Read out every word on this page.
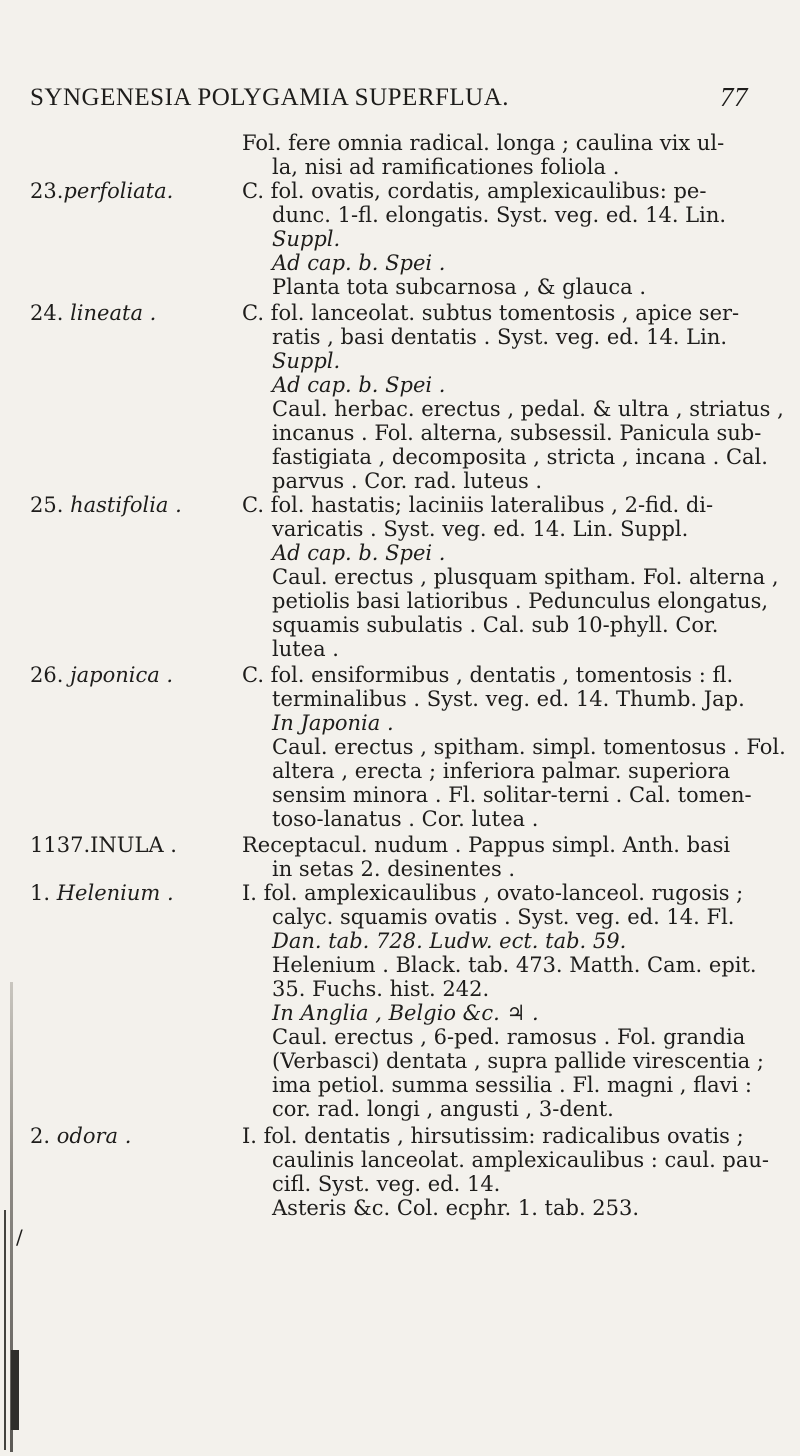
SYNGENESIA POLYGAMIA SUPERFLUA.	77
Fol. fere omnia radical. longa ; caulina vix ul-
la, nisi ad ramificationes foliola .
23.perfoliata.	C. fol. ovatis, cordatis, amplexicaulibus: pe-
dunc. 1-fl. elongatis. Syst. veg. ed. 14. Lin.
Suppl.
Ad cap. b. Spei .
Planta tota subcarnosa , & glauca .
24. lineata .	C. fol. lanceolat. subtus tomentosis , apice ser-
ratis , basi dentatis . Syst. veg. ed. 14. Lin.
Suppl.
Ad cap. b. Spei .
Caul. herbac. erectus , pedal. & ultra , striatus ,
incanus . Fol. alterna, subsessil. Panicula sub-
fastigiata , decomposita , stricta , incana . Cal.
parvus . Cor. rad. luteus .
25. hastifolia .	C. fol. hastatis; laciniis lateralibus , 2-fid. di-
varicatis . Syst. veg. ed. 14. Lin. Suppl.
Ad cap. b. Spei .
Caul. erectus , plusquam spitham. Fol. alterna ,
petiolis basi latioribus . Pedunculus elongatus,
squamis subulatis . Cal. sub 10-phyll. Cor.
lutea .
26. japonica .	C. fol. ensiformibus , dentatis , tomentosis : fl.
terminalibus . Syst. veg. ed. 14. Thumb. Jap.
In Japonia .
Caul. erectus , spitham. simpl. tomentosus . Fol.
altera , erecta ; inferiora palmar. superiora
sensim minora . Fl. solitar-terni . Cal. tomen-
toso-lanatus . Cor. lutea .
1137.INULA .	Receptacul. nudum . Pappus simpl. Anth. basi
in setas 2. desinentes .
1. Helenium .	I. fol. amplexicaulibus , ovato-lanceol. rugosis ;
calyc. squamis ovatis . Syst. veg. ed. 14. Fl.
Dan. tab. 728. Ludw. ect. tab. 59.
Helenium . Black. tab. 473. Matth. Cam. epit.
35. Fuchs. hist. 242.
In Anglia , Belgio &c. ♃ .
Caul. erectus , 6-ped. ramosus . Fol. grandia
(Verbasci) dentata , supra pallide virescentia ;
ima petiol. summa sessilia . Fl. magni , flavi :
cor. rad. longi , angusti , 3-dent.
2. odora .	I. fol. dentatis , hirsutissim: radicalibus ovatis ;
caulinis lanceolat. amplexicaulibus : caul. pau-
cifl. Syst. veg. ed. 14.
Asteris &c. Col. ecphr. 1. tab. 253.
/
